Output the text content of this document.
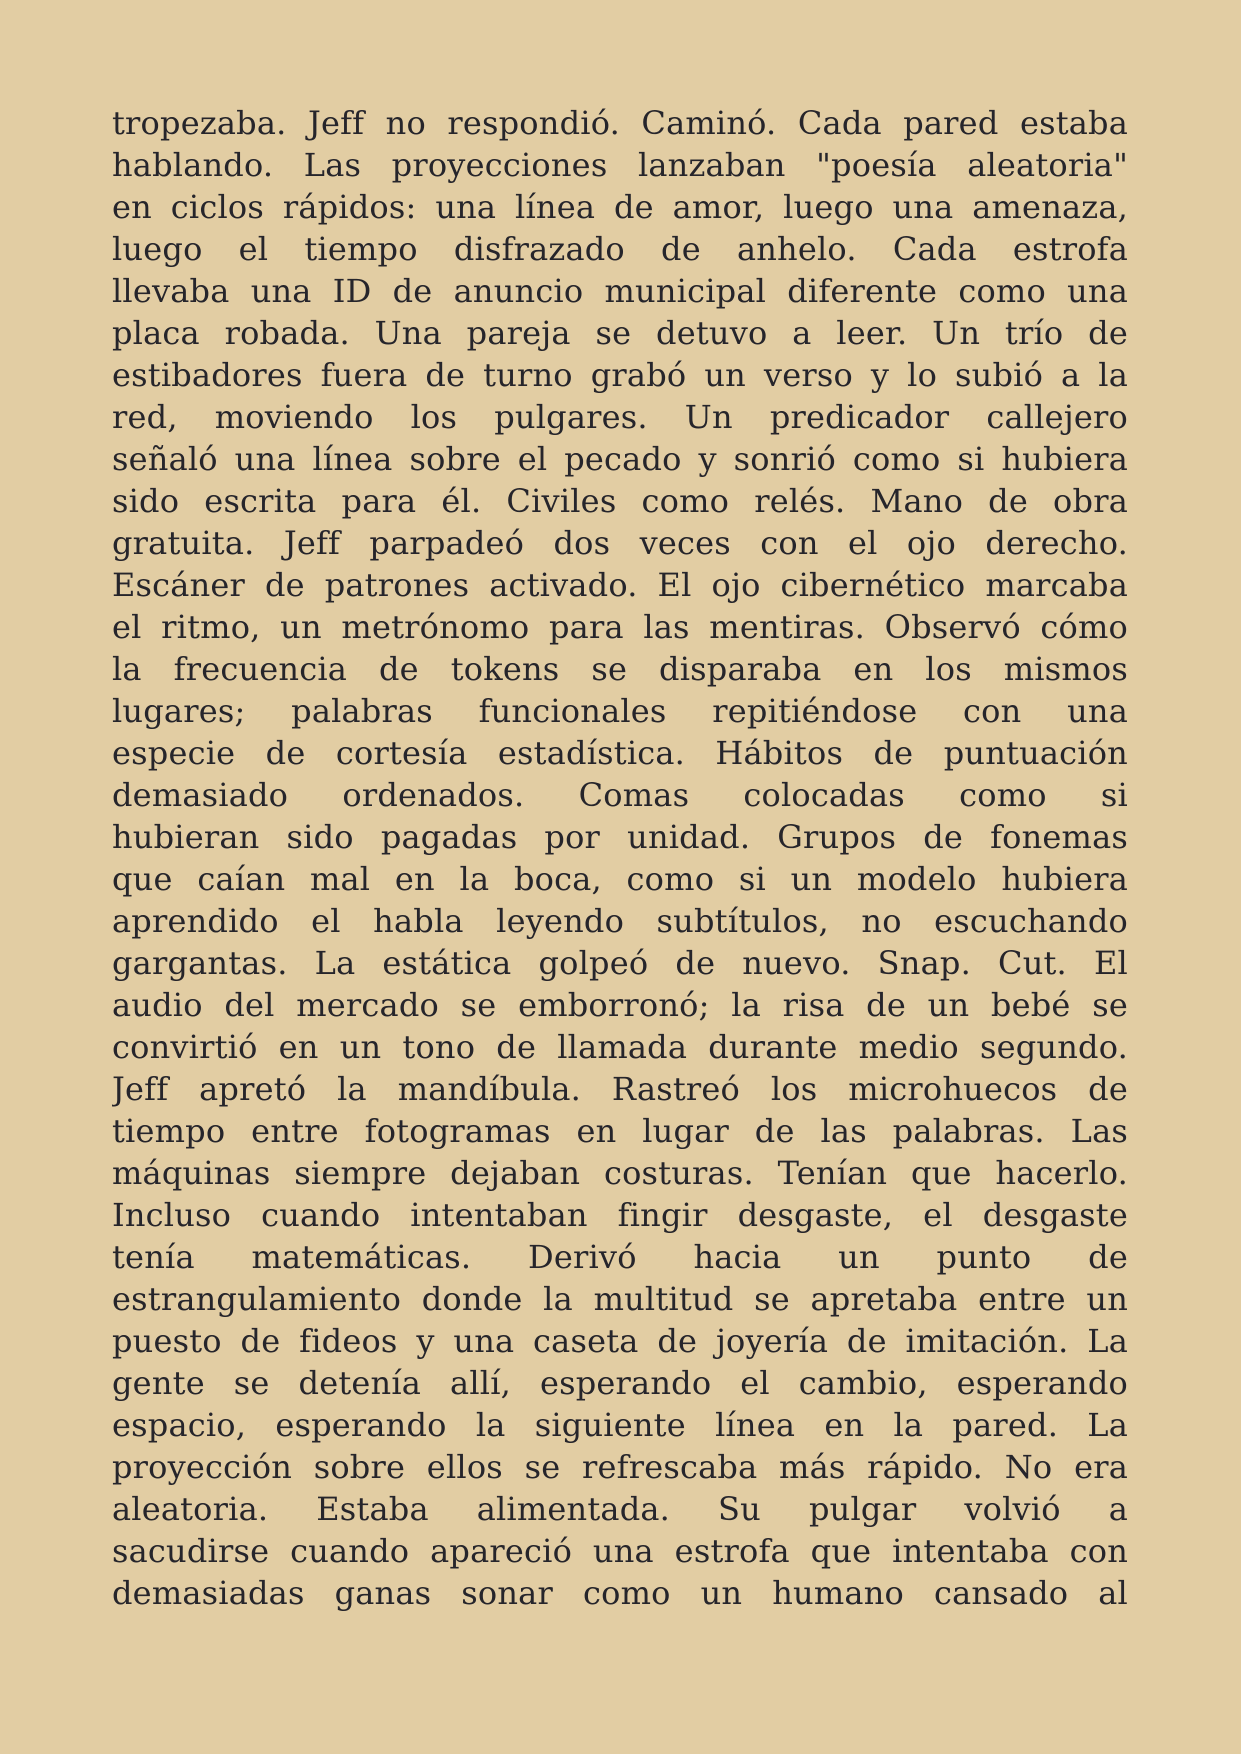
tropezaba. Jeff no respondió. Caminó. Cada pared estaba
hablando. Las proyecciones lanzaban "poesía aleatoria"
en ciclos rápidos: una línea de amor, luego una amenaza,
luego el tiempo disfrazado de anhelo. Cada estrofa
llevaba una ID de anuncio municipal diferente como una
placa robada. Una pareja se detuvo a leer. Un trío de
estibadores fuera de turno grabó un verso y lo subió a la
red, moviendo los pulgares. Un predicador callejero
señaló una línea sobre el pecado y sonrió como si hubiera
sido escrita para él. Civiles como relés. Mano de obra
gratuita. Jeff parpadeó dos veces con el ojo derecho.
Escáner de patrones activado. El ojo cibernético marcaba
el ritmo, un metrónomo para las mentiras. Observó cómo
la frecuencia de tokens se disparaba en los mismos
lugares; palabras funcionales repitiéndose con una
especie de cortesía estadística. Hábitos de puntuación
demasiado ordenados. Comas colocadas como si
hubieran sido pagadas por unidad. Grupos de fonemas
que caían mal en la boca, como si un modelo hubiera
aprendido el habla leyendo subtítulos, no escuchando
gargantas. La estática golpeó de nuevo. Snap. Cut. El
audio del mercado se emborronó; la risa de un bebé se
convirtió en un tono de llamada durante medio segundo.
Jeff apretó la mandíbula. Rastreó los microhuecos de
tiempo entre fotogramas en lugar de las palabras. Las
máquinas siempre dejaban costuras. Tenían que hacerlo.
Incluso cuando intentaban fingir desgaste, el desgaste
tenía matemáticas. Derivó hacia un punto de
estrangulamiento donde la multitud se apretaba entre un
puesto de fideos y una caseta de joyería de imitación. La
gente se detenía allí, esperando el cambio, esperando
espacio, esperando la siguiente línea en la pared. La
proyección sobre ellos se refrescaba más rápido. No era
aleatoria. Estaba alimentada. Su pulgar volvió a
sacudirse cuando apareció una estrofa que intentaba con
demasiadas ganas sonar como un humano cansado al
